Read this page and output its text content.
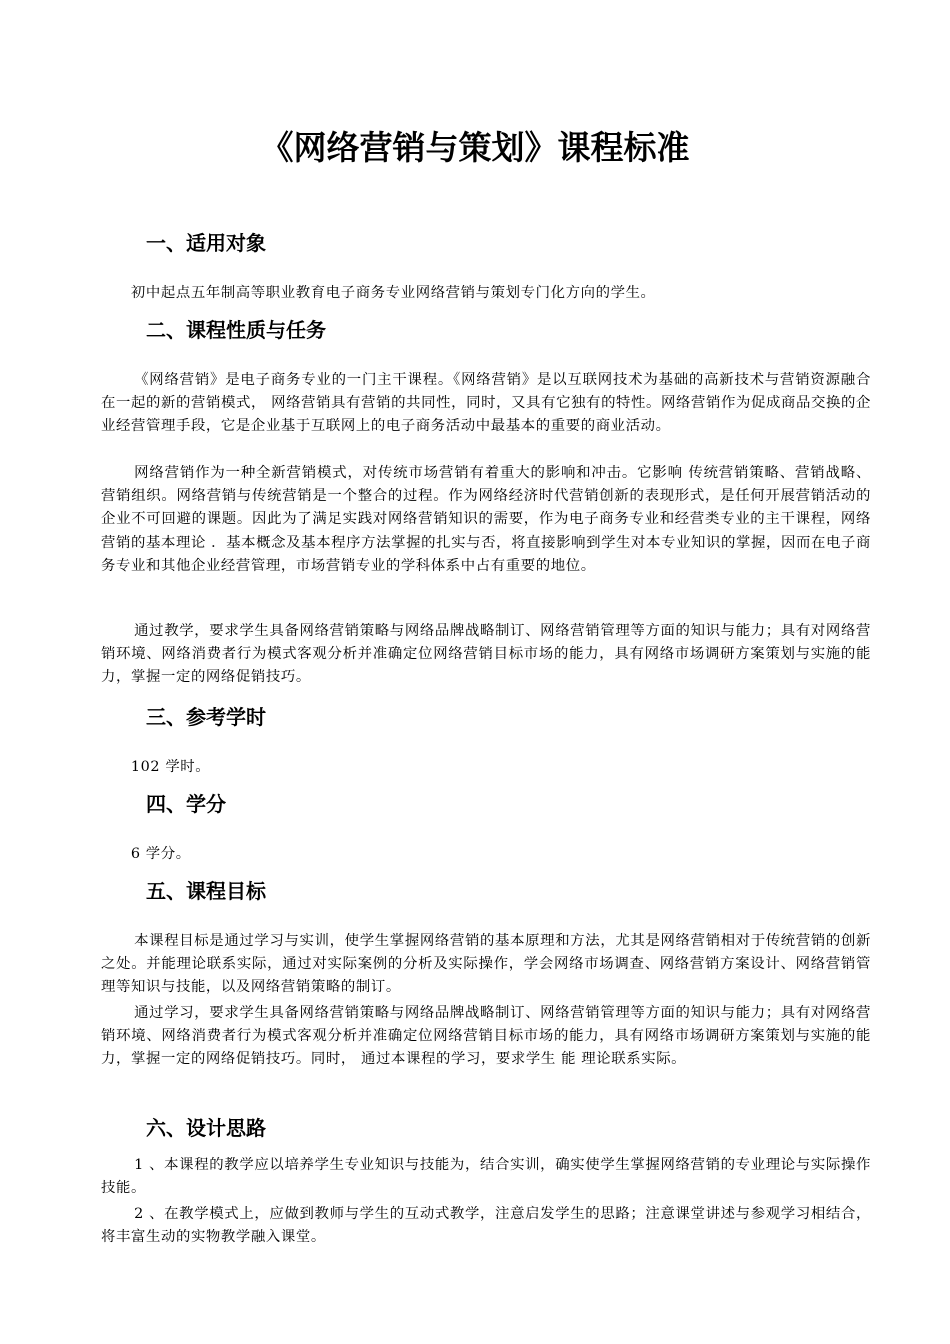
《网络营销与策划》课程标准
一、适用对象

初中起点五年制高等职业教育电子商务专业网络营销与策划专门化方向的学生。

二、课程性质与任务

《网络营销》是电子商务专业的一门主干课程。《网络营销》是以互联网技术为基础的高新技术与营销资源融合在一起的新的营销模式， 网络营销具有营销的共同性，同时，又具有它独有的特性。网络营销作为促成商品交换的企业经营管理手段，它是企业基于互联网上的电子商务活动中最基本的重要的商业活动。

网络营销作为一种全新营销模式，对传统市场营销有着重大的影响和冲击。它影响 传统营销策略、营销战略、营销组织。网络营销与传统营销是一个整合的过程。作为网络经济时代营销创新的表现形式，是任何开展营销活动的企业不可回避的课题。因此为了满足实践对网络营销知识的需要，作为电子商务专业和经营类专业的主干课程，网络营销的基本理论 ．基本概念及基本程序方法掌握的扎实与否，将直接影响到学生对本专业知识的掌握，因而在电子商务专业和其他企业经营管理，市场营销专业的学科体系中占有重要的地位。

通过教学，要求学生具备网络营销策略与网络品牌战略制订、网络营销管理等方面的知识与能力；具有对网络营销环境、网络消费者行为模式客观分析并准确定位网络营销目标市场的能力，具有网络市场调研方案策划与实施的能力，掌握一定的网络促销技巧。

三、参考学时

102 学时。

四、学分

6 学分。

五、课程目标

本课程目标是通过学习与实训，使学生掌握网络营销的基本原理和方法，尤其是网络营销相对于传统营销的创新之处。并能理论联系实际，通过对实际案例的分析及实际操作，学会网络市场调查、网络营销方案设计、网络营销管理等知识与技能，以及网络营销策略的制订。

通过学习，要求学生具备网络营销策略与网络品牌战略制订、网络营销管理等方面的知识与能力；具有对网络营销环境、网络消费者行为模式客观分析并准确定位网络营销目标市场的能力，具有网络市场调研方案策划与实施的能力，掌握一定的网络促销技巧。同时， 通过本课程的学习，要求学生 能 理论联系实际。

六、设计思路

1 、本课程的教学应以培养学生专业知识与技能为，结合实训，确实使学生掌握网络营销的专业理论与实际操作技能。

2 、在教学模式上，应做到教师与学生的互动式教学，注意启发学生的思路；注意课堂讲述与参观学习相结合，将丰富生动的实物教学融入课堂。
